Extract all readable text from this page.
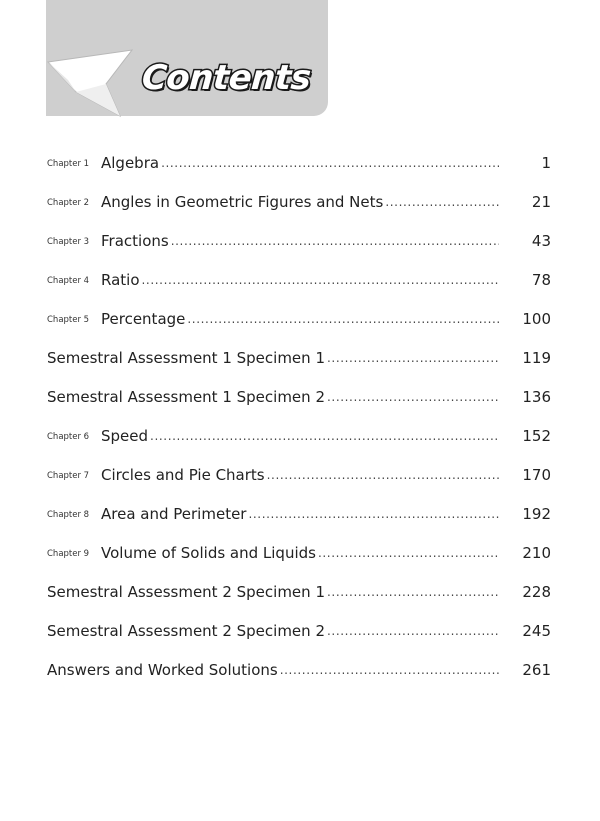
Contents
Chapter 1 Algebra .....	1
Chapter 2 Angles in Geometric Figures and Nets .....	21
Chapter 3 Fractions .....	43
Chapter 4 Ratio .....	78
Chapter 5 Percentage .....	100
Semestral Assessment 1 Specimen 1 .....	119
Semestral Assessment 1 Specimen 2 .....	136
Chapter 6 Speed .....	152
Chapter 7 Circles and Pie Charts .....	170
Chapter 8 Area and Perimeter .....	192
Chapter 9 Volume of Solids and Liquids .....	210
Semestral Assessment 2 Specimen 1 .....	228
Semestral Assessment 2 Specimen 2 .....	245
Answers and Worked Solutions .....	261
